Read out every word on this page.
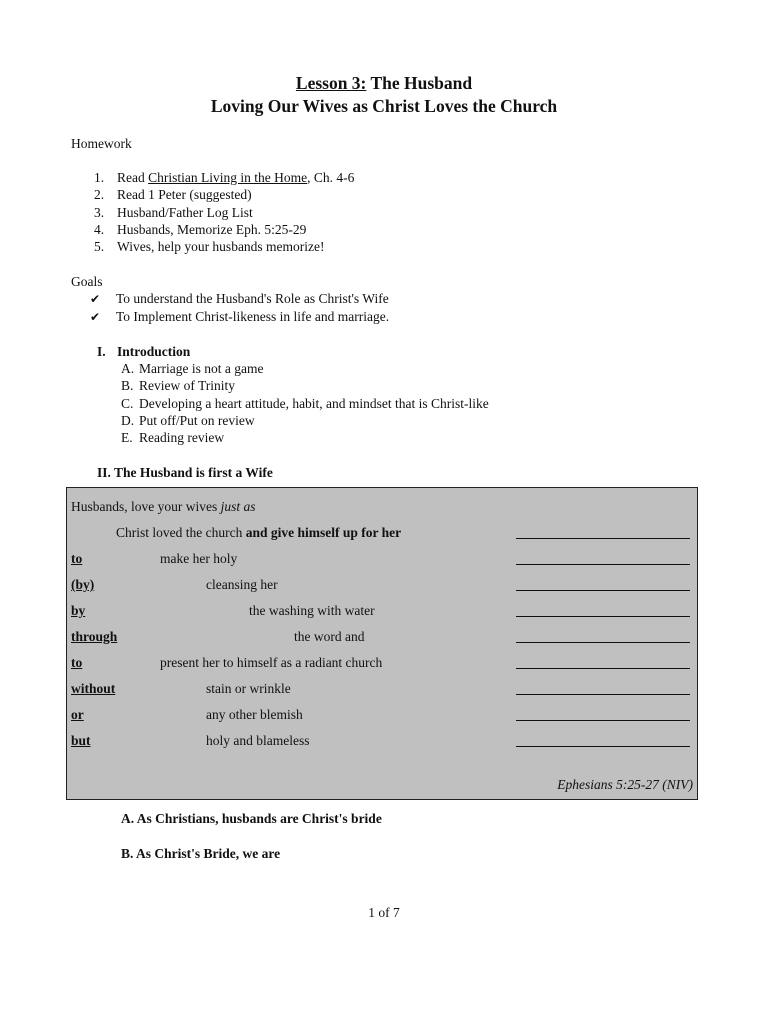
Lesson 3: The Husband
Loving Our Wives as Christ Loves the Church
Homework
1. Read Christian Living in the Home, Ch. 4-6
2. Read 1 Peter (suggested)
3. Husband/Father Log List
4. Husbands, Memorize Eph. 5:25-29
5. Wives, help your husbands memorize!
Goals
✔ To understand the Husband's Role as Christ's Wife
✔ To Implement Christ-likeness in life and marriage.
I. Introduction
A. Marriage is not a game
B. Review of Trinity
C. Developing a heart attitude, habit, and mindset that is Christ-like
D. Put off/Put on review
E. Reading review
II. The Husband is first a Wife
Husbands, love your wives just as
Christ loved the church and give himself up for her
to	make her holy
(by)	cleansing her
by	the washing with water
through	the word and
to	present her to himself as a radiant church
without	stain or wrinkle
or	any other blemish
but	holy and blameless
Ephesians 5:25-27 (NIV)
A. As Christians, husbands are Christ's bride
B. As Christ's Bride, we are
1 of 7
